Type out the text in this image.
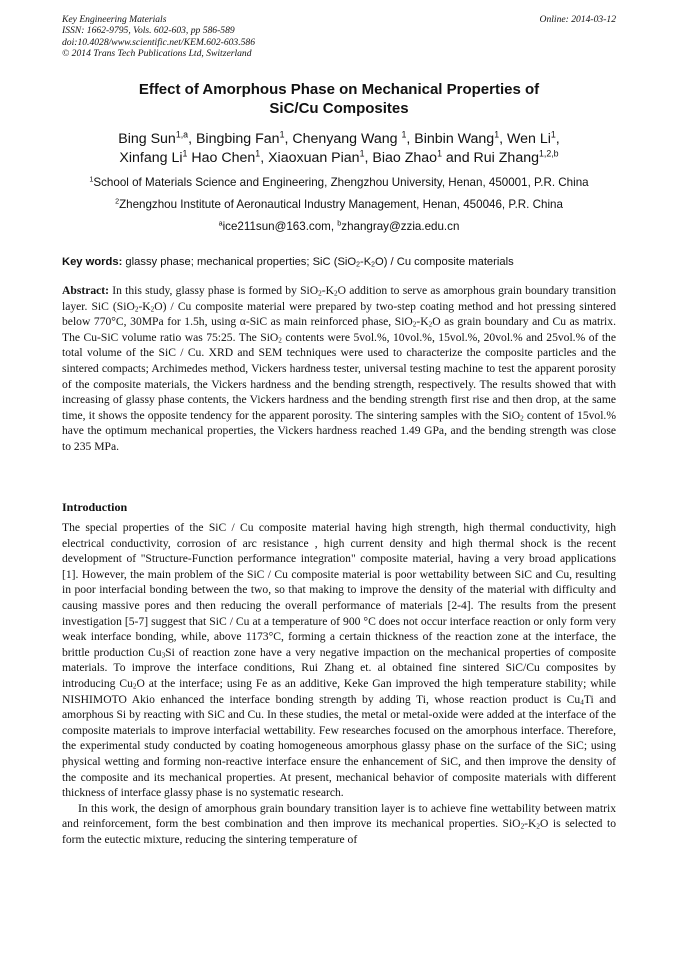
Key Engineering Materials
ISSN: 1662-9795, Vols. 602-603, pp 586-589
doi:10.4028/www.scientific.net/KEM.602-603.586
© 2014 Trans Tech Publications Ltd, Switzerland
Online: 2014-03-12
Effect of Amorphous Phase on Mechanical Properties of
SiC/Cu Composites
Bing Sun$^{1,a}$, Bingbing Fan$^1$, Chenyang Wang $^1$, Binbin Wang$^1$, Wen Li$^1$,
Xinfang Li$^1$ Hao Chen$^1$, Xiaoxuan Pian$^1$, Biao Zhao$^1$ and Rui Zhang$^{1,2,b}$
$^1$School of Materials Science and Engineering, Zhengzhou University, Henan, 450001, P.R. China
$^2$Zhengzhou Institute of Aeronautical Industry Management, Henan, 450046, P.R. China
$^a$ice211sun@163.com, $^b$zhangray@zzia.edu.cn
Key words: glassy phase; mechanical properties; SiC $(SiO_2-K_2O)$ / Cu composite materials
Abstract: In this study, glassy phase is formed by $SiO_2-K_2O$ addition to serve as amorphous grain boundary transition layer. SiC $(SiO_2-K_2O)$ / Cu composite material were prepared by two-step coating method and hot pressing sintered below 770°C, 30MPa for 1.5h, using α-SiC as main reinforced phase, $SiO_2-K_2O$ as grain boundary and Cu as matrix. The Cu-SiC volume ratio was 75:25. The SiO$_2$ contents were 5vol.%, 10vol.%, 15vol.%, 20vol.% and 25vol.% of the total volume of the SiC / Cu. XRD and SEM techniques were used to characterize the composite particles and the sintered compacts; Archimedes method, Vickers hardness tester, universal testing machine to test the apparent porosity of the composite materials, the Vickers hardness and the bending strength, respectively. The results showed that with increasing of glassy phase contents, the Vickers hardness and the bending strength first rise and then drop, at the same time, it shows the opposite tendency for the apparent porosity. The sintering samples with the SiO$_2$ content of 15vol.% have the optimum mechanical properties, the Vickers hardness reached 1.49 GPa, and the bending strength was close to 235 MPa.
Introduction

The special properties of the SiC / Cu composite material having high strength, high thermal conductivity, high electrical conductivity, corrosion of arc resistance , high current density and high thermal shock is the recent development of "Structure-Function performance integration" composite material, having a very broad applications [1]. However, the main problem of the SiC / Cu composite material is poor wettability between SiC and Cu, resulting in poor interfacial bonding between the two, so that making to improve the density of the material with difficulty and causing massive pores and then reducing the overall performance of materials [2-4]. The results from the present investigation [5-7] suggest that SiC / Cu at a temperature of 900 °C does not occur interface reaction or only form very weak interface bonding, while, above 1173°C, forming a certain thickness of the reaction zone at the interface, the brittle production $Cu_3Si$ of reaction zone have a very negative impaction on the mechanical properties of composite materials. To improve the interface conditions, Rui Zhang et. al obtained fine sintered SiC/Cu composites by introducing $Cu_2O$ at the interface; using Fe as an additive, Keke Gan improved the high temperature stability; while NISHIMOTO Akio enhanced the interface bonding strength by adding Ti, whose reaction product is $Cu_4Ti$ and amorphous Si by reacting with SiC and Cu. In these studies, the metal or metal-oxide were added at the interface of the composite materials to improve interfacial wettability. Few researches focused on the amorphous interface. Therefore, the experimental study conducted by coating homogeneous amorphous glassy phase on the surface of the SiC; using physical wetting and forming non-reactive interface ensure the enhancement of SiC, and then improve the density of the composite and its mechanical properties. At present, mechanical behavior of composite materials with different thickness of interface glassy phase is no systematic research.

In this work, the design of amorphous grain boundary transition layer is to achieve fine wettability between matrix and reinforcement, form the best combination and then improve its mechanical properties. $SiO_2-K_2O$ is selected to form the eutectic mixture, reducing the sintering temperature of
